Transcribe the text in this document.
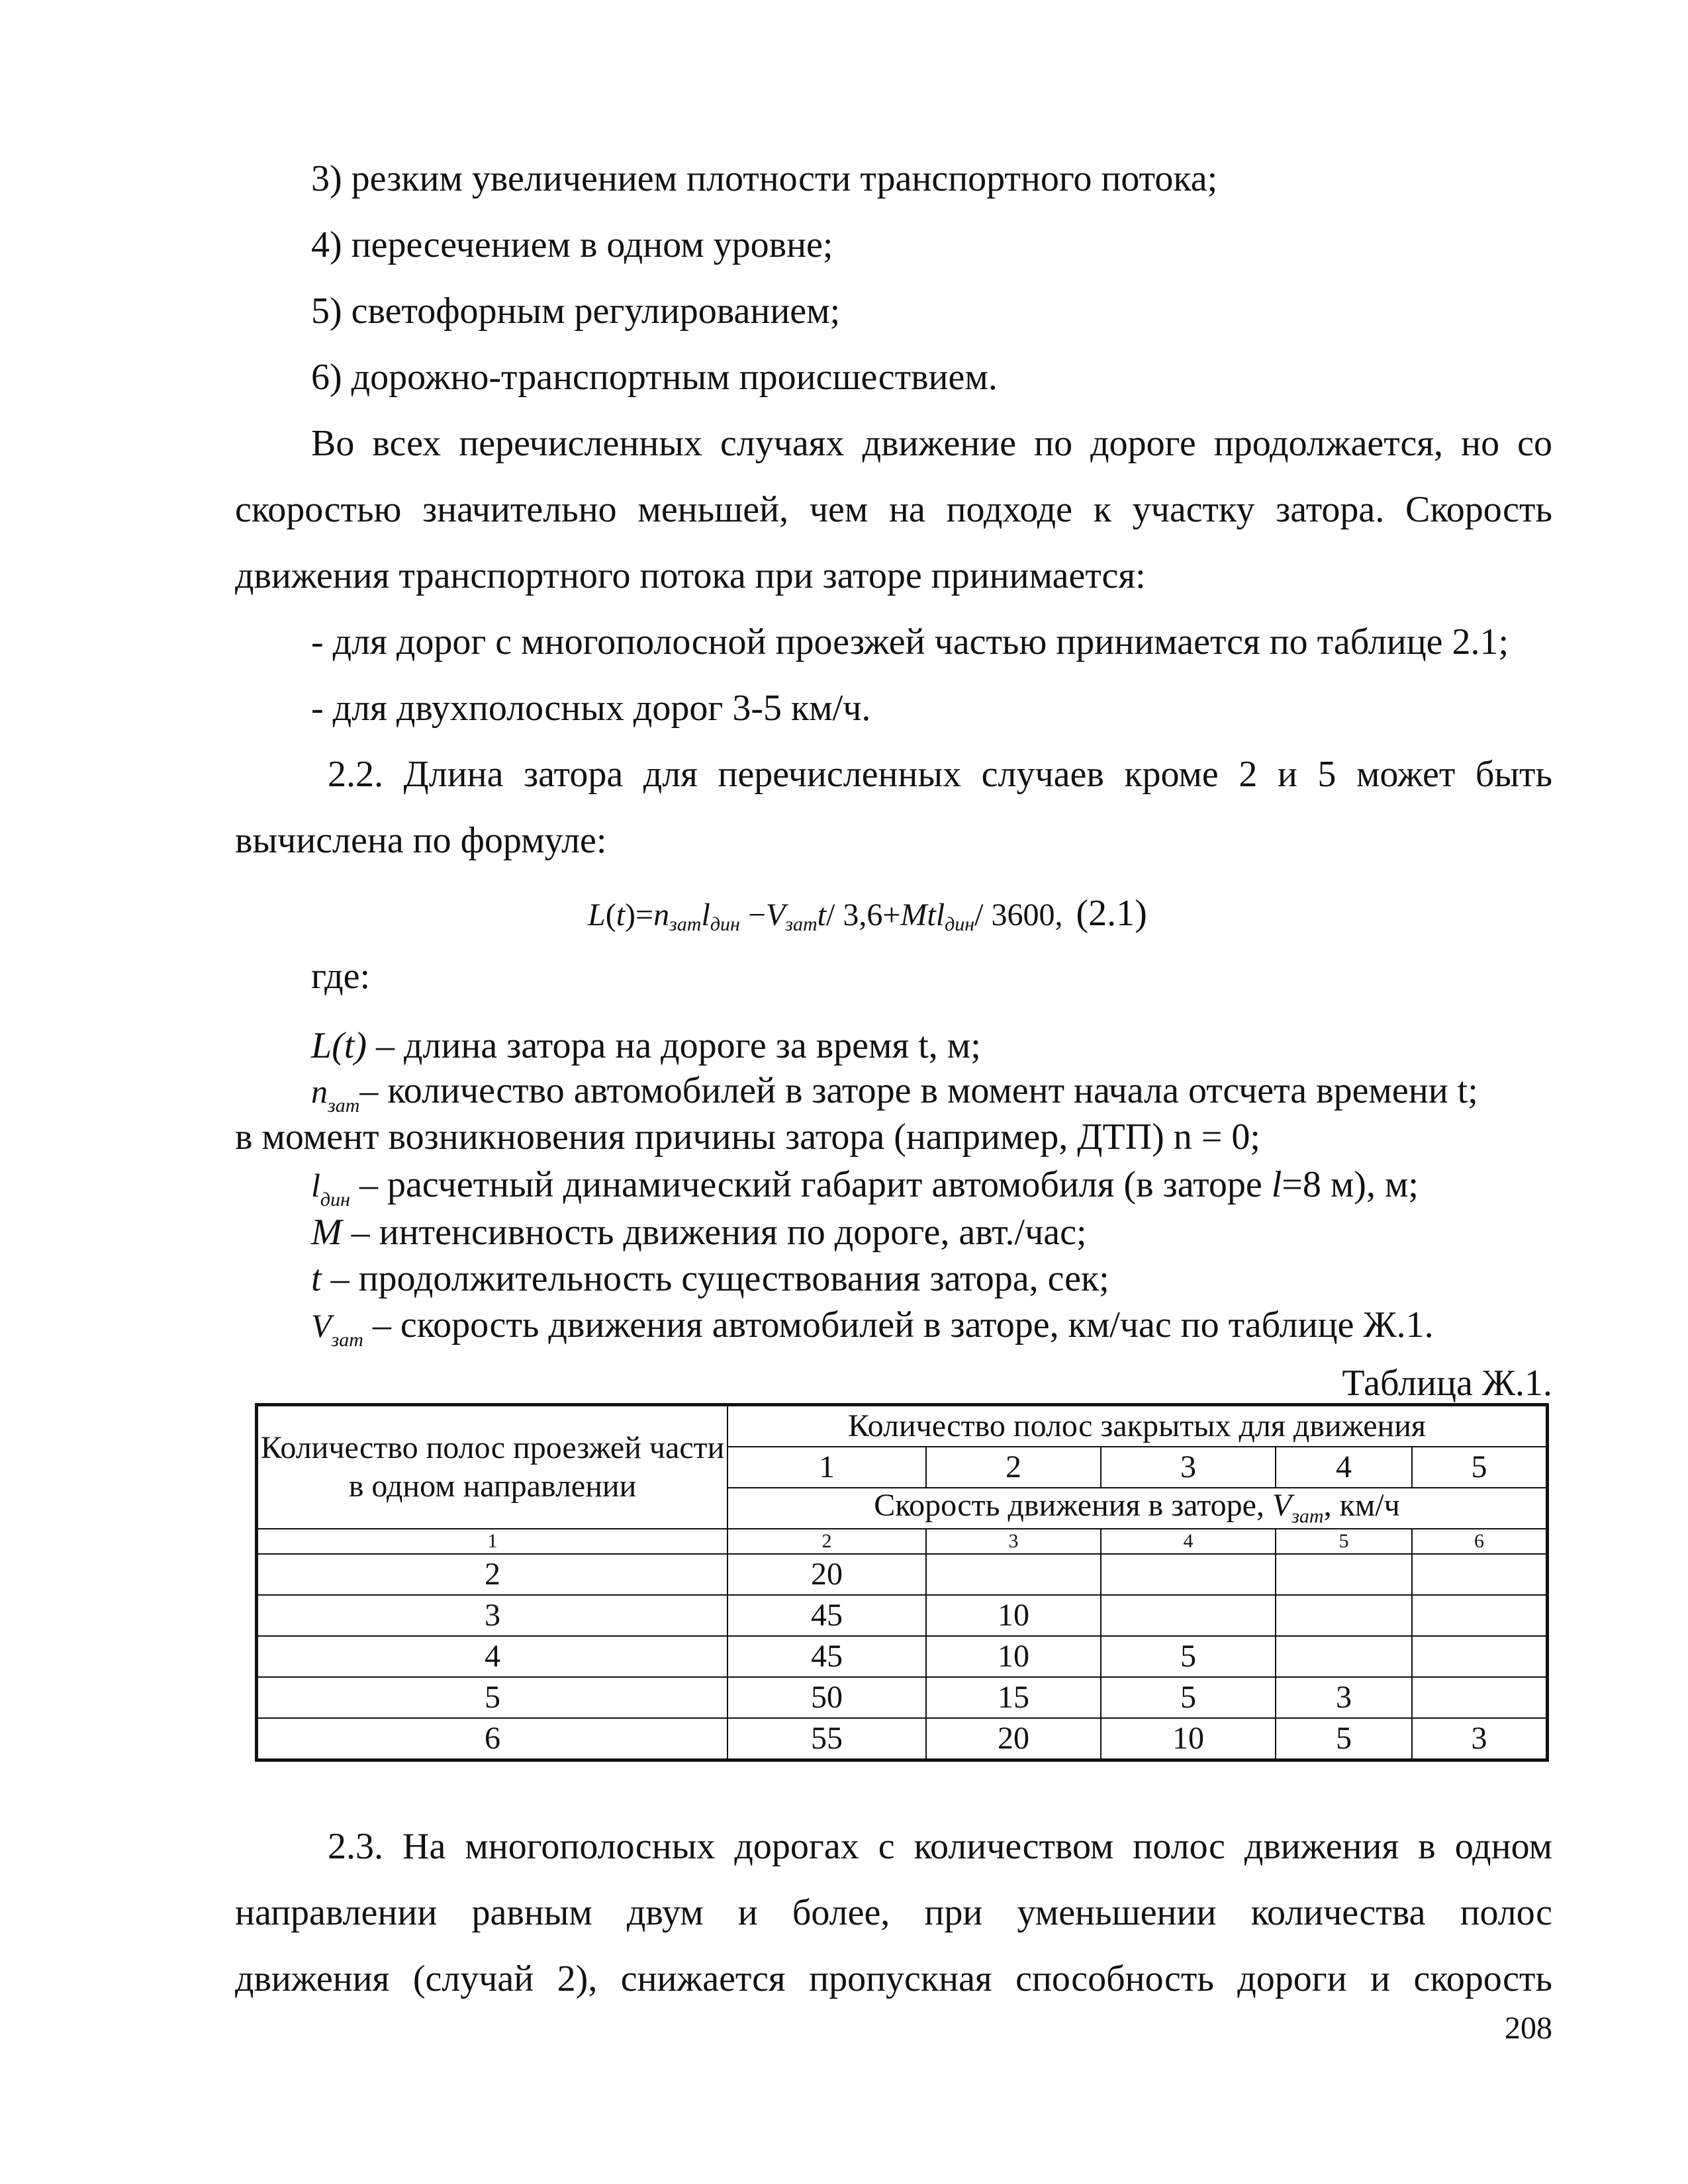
3) резким увеличением плотности транспортного потока;
4) пересечением в одном уровне;
5) светофорным регулированием;
6) дорожно-транспортным происшествием.
Во всех перечисленных случаях движение по дороге продолжается, но со
скоростью значительно меньшей, чем на подходе к участку затора. Скорость
движения транспортного потока при заторе принимается:
- для дорог с многополосной проезжей частью принимается по таблице 2.1;
- для двухполосных дорог 3-5 км/ч.
2.2. Длина затора для перечисленных случаев кроме 2 и 5 может быть
вычислена по формуле:
$L(t)=n_{зат}l_{дин} -V_{зат}t/$ 3,6+Mtl$_{дин}$/ 3600, (2.1)
где:
L(t) – длина затора на дороге за время t, м;
$n_{зат}-$ количество автомобилей в заторе в момент начала отсчета времени t;
в момент возникновения причины затора (например, ДТП) n = 0;
$l_{дин}$ – расчетный динамический габарит автомобиля (в заторе l=8 м), м;
M – интенсивность движения по дороге, авт./час;
t – продолжительность существования затора, сек;
$V_{зат}$ – скорость движения автомобилей в заторе, км/час по таблице Ж.1.
Таблица Ж.1.
Количество полос проезжей части в одном направлении	Количество полос закрытых для движения				
	1	2	3	4	5
	Скорость движения в заторе, $V_{зат}$, км/ч				
1	2	3	4	5	6
2	20				
3	45	10			
4	45	10	5		
5	50	15	5	3	
6	55	20	10	5	3
2.3. На многополосных дорогах с количеством полос движения в одном
направлении равным двум и более, при уменьшении количества полос
движения (случай 2), снижается пропускная способность дороги и скорость
208
